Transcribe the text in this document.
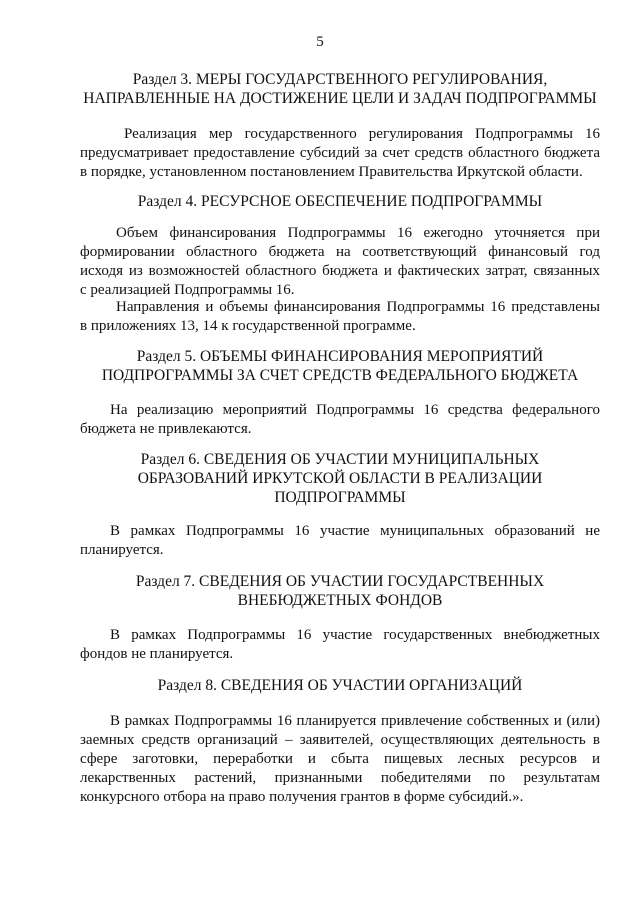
5
Раздел 3. МЕРЫ ГОСУДАРСТВЕННОГО РЕГУЛИРОВАНИЯ,
НАПРАВЛЕННЫЕ НА ДОСТИЖЕНИЕ ЦЕЛИ И ЗАДАЧ ПОДПРОГРАММЫ
Реализация мер государственного регулирования Подпрограммы 16
предусматривает предоставление субсидий за счет средств областного бюджета
в порядке, установленном постановлением Правительства Иркутской области.
Раздел 4. РЕСУРСНОЕ ОБЕСПЕЧЕНИЕ ПОДПРОГРАММЫ
Объем финансирования Подпрограммы 16 ежегодно уточняется при
формировании областного бюджета на соответствующий финансовый год
исходя из возможностей областного бюджета и фактических затрат, связанных
с реализацией Подпрограммы 16.
Направления и объемы финансирования Подпрограммы 16 представлены
в приложениях 13, 14 к государственной программе.
Раздел 5. ОБЪЕМЫ ФИНАНСИРОВАНИЯ МЕРОПРИЯТИЙ
ПОДПРОГРАММЫ ЗА СЧЕТ СРЕДСТВ ФЕДЕРАЛЬНОГО БЮДЖЕТА
На реализацию мероприятий Подпрограммы 16 средства федерального
бюджета не привлекаются.
Раздел 6. СВЕДЕНИЯ ОБ УЧАСТИИ МУНИЦИПАЛЬНЫХ
ОБРАЗОВАНИЙ ИРКУТСКОЙ ОБЛАСТИ В РЕАЛИЗАЦИИ
ПОДПРОГРАММЫ
В рамках Подпрограммы 16 участие муниципальных образований не
планируется.
Раздел 7. СВЕДЕНИЯ ОБ УЧАСТИИ ГОСУДАРСТВЕННЫХ
ВНЕБЮДЖЕТНЫХ ФОНДОВ
В рамках Подпрограммы 16 участие государственных внебюджетных
фондов не планируется.
Раздел 8. СВЕДЕНИЯ ОБ УЧАСТИИ ОРГАНИЗАЦИЙ
В рамках Подпрограммы 16 планируется привлечение собственных и (или)
заемных средств организаций – заявителей, осуществляющих деятельность в
сфере заготовки, переработки и сбыта пищевых лесных ресурсов и
лекарственных растений, признанными победителями по результатам
конкурсного отбора на право получения грантов в форме субсидий.».
